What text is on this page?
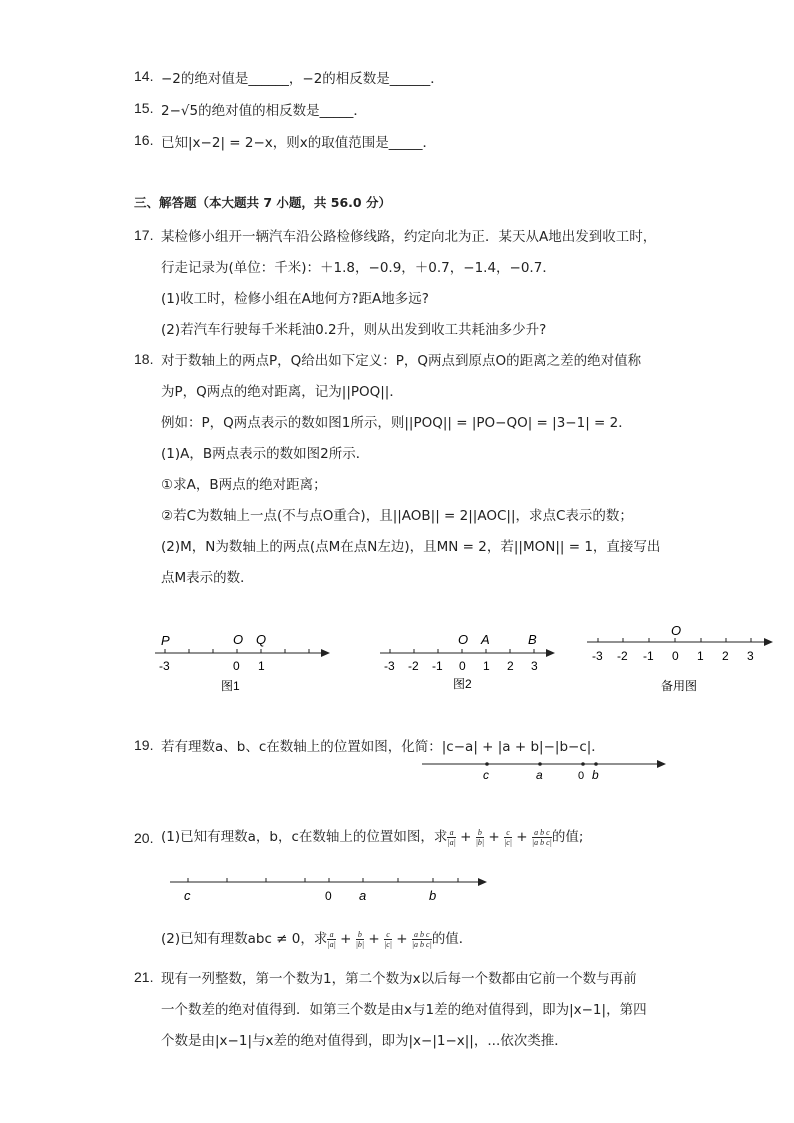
14. −2的绝对值是______，−2的相反数是______．
15. 2−√5的绝对值的相反数是_____．
16. 已知|x−2| = 2−x，则x的取值范围是_____．
三、解答题（本大题共 7 小题，共 56.0 分）
17. 某检修小组开一辆汽车沿公路检修线路，约定向北为正．某天从A地出发到收工时，
行走记录为(单位：千米)：＋1.8，−0.9，＋0.7，−1.4，−0.7．
(1)收工时，检修小组在A地何方?距A地多远?
(2)若汽车行驶每千米耗油0.2升，则从出发到收工共耗油多少升?
18. 对于数轴上的两点P，Q给出如下定义：P，Q两点到原点O的距离之差的绝对值称
为P，Q两点的绝对距离，记为||POQ||．
例如：P，Q两点表示的数如图1所示，则||POQ|| = |PO−QO| = |3−1| = 2．
(1)A，B两点表示的数如图2所示．
①求A，B两点的绝对距离；
②若C为数轴上一点(不与点O重合)，且||AOB|| = 2||AOC||，求点C表示的数；
(2)M，N为数轴上的两点(点M在点N左边)，且MN = 2，若||MON|| = 1，直接写出
点M表示的数．
P	O Q
-3	0 1
图1
O A	B
-3 -2 -1 0 1 2 3
图2
O
-3 -2 -1 0 1 2 3
备用图
19. 若有理数a、b、c在数轴上的位置如图，化简：|c−a| + |a + b|−|b−c|．
c	a	0 b
20. (1)已知有理数a，b，c在数轴上的位置如图，求 $\frac{a}{|a|} + \frac{b}{|b|} + \frac{c}{|c|} + \frac{\text{a b c}}{\text{|a b c|}}$ 的值;
c	0 a	b
(2)已知有理数abc ≠ 0，求 $\frac{a}{|a|} + \frac{b}{|b|} + \frac{c}{|c|} + \frac{\text{a b c}}{\text{|a b c|}}$ 的值．
21. 现有一列整数，第一个数为1，第二个数为x以后每一个数都由它前一个数与再前
一个数差的绝对值得到．如第三个数是由x与1差的绝对值得到，即为|x−1|，第四
个数是由|x−1|与x差的绝对值得到，即为|x−|1−x||，...依次类推．
